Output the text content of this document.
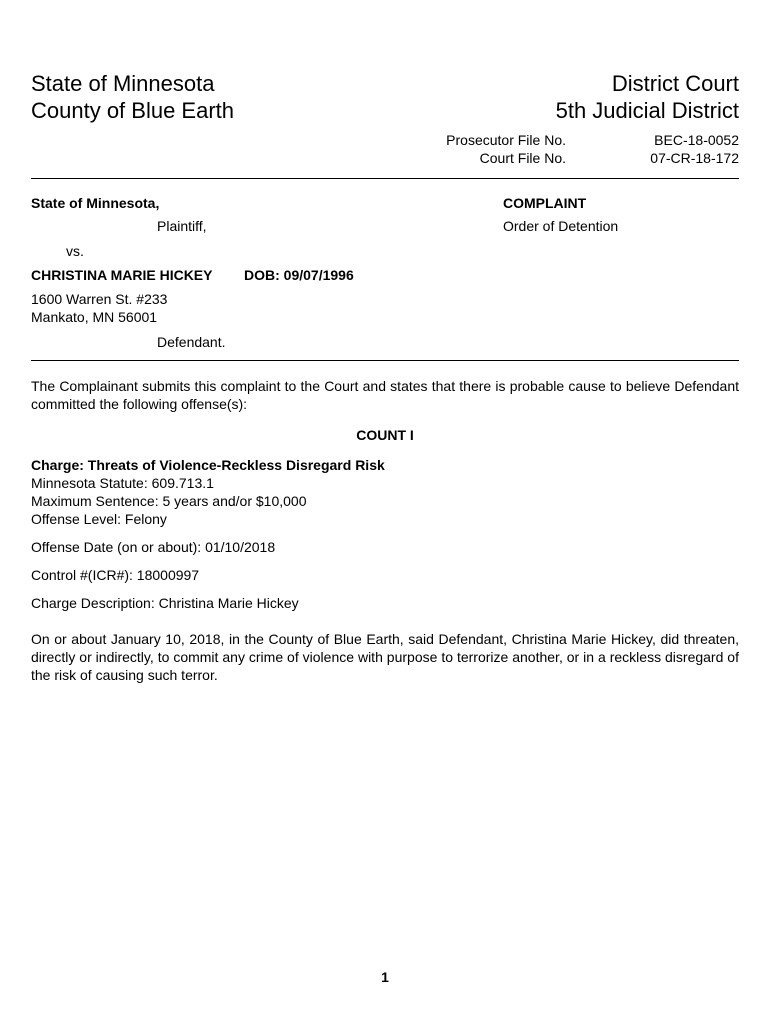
State of Minnesota
County of Blue Earth
District Court
5th Judicial District
Prosecutor File No.
Court File No.
BEC-18-0052
07-CR-18-172
State of Minnesota,
Plaintiff,
vs.
CHRISTINA MARIE HICKEY DOB: 09/07/1996
1600 Warren St. #233
Mankato, MN 56001
Defendant.
COMPLAINT
Order of Detention
The Complainant submits this complaint to the Court and states that there is probable cause to believe Defendant committed the following offense(s):
COUNT I
Charge: Threats of Violence-Reckless Disregard Risk
Minnesota Statute: 609.713.1
Maximum Sentence: 5 years and/or $10,000
Offense Level: Felony
Offense Date (on or about): 01/10/2018
Control #(ICR#): 18000997
Charge Description: Christina Marie Hickey
On or about January 10, 2018, in the County of Blue Earth, said Defendant, Christina Marie Hickey, did threaten, directly or indirectly, to commit any crime of violence with purpose to terrorize another, or in a reckless disregard of the risk of causing such terror.
1
